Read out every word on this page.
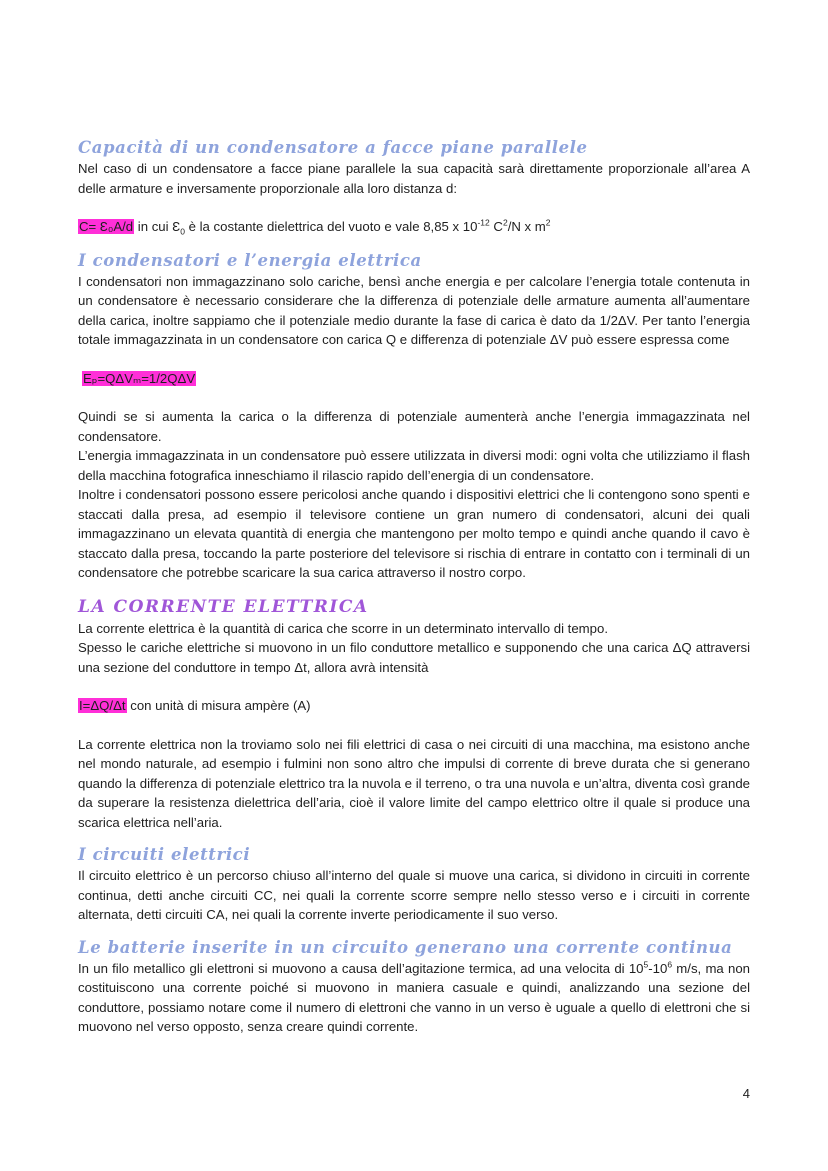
Capacità di un condensatore a facce piane parallele

Nel caso di un condensatore a facce piane parallele la sua capacità sarà direttamente proporzionale all’area A delle armature e inversamente proporzionale alla loro distanza d:

C= Ɛ₀A/d in cui $Ɛ_0$ è la costante dielettrica del vuoto e vale 8,85 x $10^{-12}$ $C^2/N$ x $m^2$

I condensatori e l’energia elettrica

I condensatori non immagazzinano solo cariche, bensì anche energia e per calcolare l’energia totale contenuta in un condensatore è necessario considerare che la differenza di potenziale delle armature aumenta all’aumentare della carica, inoltre sappiamo che il potenziale medio durante la fase di carica è dato da 1/2ΔV. Per tanto l’energia totale immagazzinata in un condensatore con carica Q e differenza di potenziale ΔV può essere espressa come

Eₚ=QΔVₘ=1/2QΔV

Quindi se si aumenta la carica o la differenza di potenziale aumenterà anche l’energia immagazzinata nel condensatore.

L’energia immagazzinata in un condensatore può essere utilizzata in diversi modi: ogni volta che utilizziamo il flash della macchina fotografica inneschiamo il rilascio rapido dell’energia di un condensatore.

Inoltre i condensatori possono essere pericolosi anche quando i dispositivi elettrici che li contengono sono spenti e staccati dalla presa, ad esempio il televisore contiene un gran numero di condensatori, alcuni dei quali immagazzinano un elevata quantità di energia che mantengono per molto tempo e quindi anche quando il cavo è staccato dalla presa, toccando la parte posteriore del televisore si rischia di entrare in contatto con i terminali di un condensatore che potrebbe scaricare la sua carica attraverso il nostro corpo.

LA CORRENTE ELETTRICA

La corrente elettrica è la quantità di carica che scorre in un determinato intervallo di tempo.

Spesso le cariche elettriche si muovono in un filo conduttore metallico e supponendo che una carica ΔQ attraversi una sezione del conduttore in tempo Δt, allora avrà intensità

I=ΔQ/Δt con unità di misura ampère (A)

La corrente elettrica non la troviamo solo nei fili elettrici di casa o nei circuiti di una macchina, ma esistono anche nel mondo naturale, ad esempio i fulmini non sono altro che impulsi di corrente di breve durata che si generano quando la differenza di potenziale elettrico tra la nuvola e il terreno, o tra una nuvola e un’altra, diventa così grande da superare la resistenza dielettrica dell’aria, cioè il valore limite del campo elettrico oltre il quale si produce una scarica elettrica nell’aria.

I circuiti elettrici

Il circuito elettrico è un percorso chiuso all’interno del quale si muove una carica, si dividono in circuiti in corrente continua, detti anche circuiti CC, nei quali la corrente scorre sempre nello stesso verso e i circuiti in corrente alternata, detti circuiti CA, nei quali la corrente inverte periodicamente il suo verso.

Le batterie inserite in un circuito generano una corrente continua

In un filo metallico gli elettroni si muovono a causa dell’agitazione termica, ad una velocita di $10^5-10^6$ m/s, ma non costituiscono una corrente poiché si muovono in maniera casuale e quindi, analizzando una sezione del conduttore, possiamo notare come il numero di elettroni che vanno in un verso è uguale a quello di elettroni che si muovono nel verso opposto, senza creare quindi corrente.

4
